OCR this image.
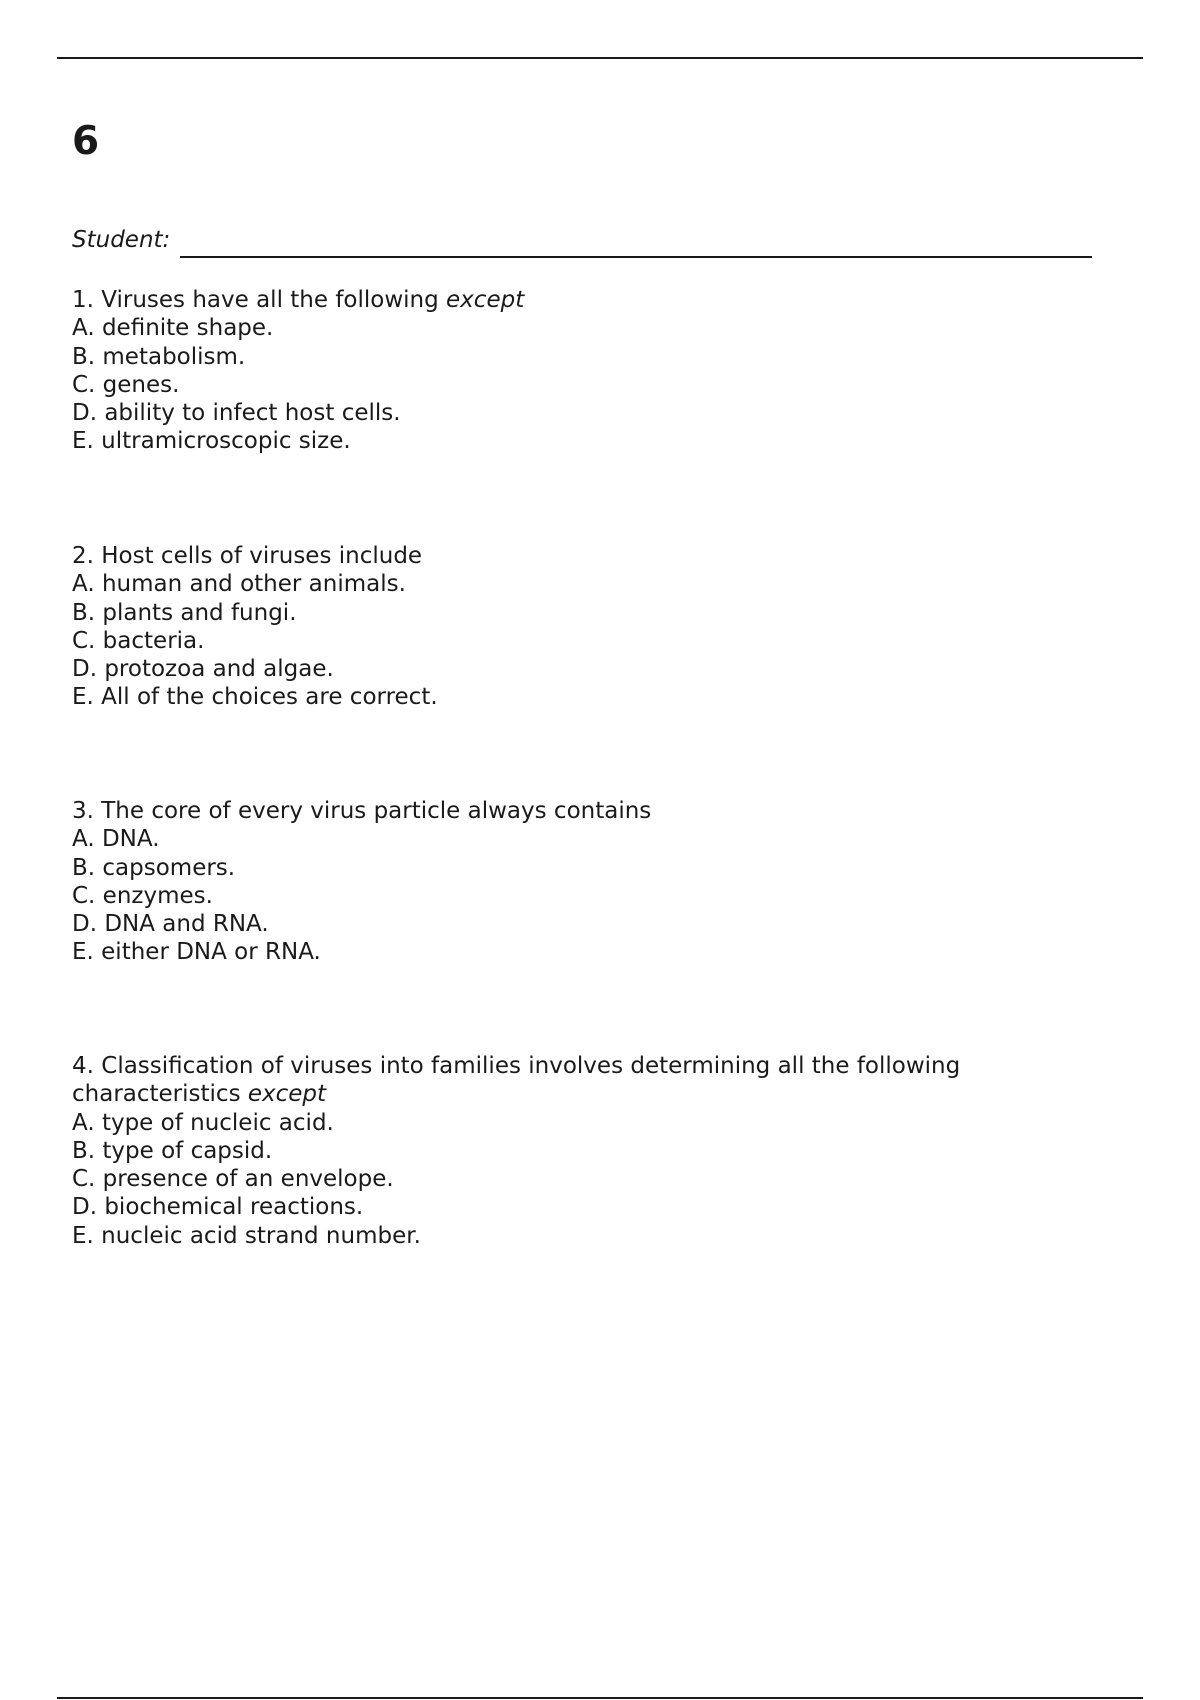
6
Student:

1. Viruses have all the following except

A. definite shape.

B. metabolism.

C. genes.

D. ability to infect host cells.

E. ultramicroscopic size.

2. Host cells of viruses include

A. human and other animals.

B. plants and fungi.

C. bacteria.

D. protozoa and algae.

E. All of the choices are correct.

3. The core of every virus particle always contains

A. DNA.

B. capsomers.

C. enzymes.

D. DNA and RNA.

E. either DNA or RNA.

4. Classification of viruses into families involves determining all the following characteristics except

A. type of nucleic acid.

B. type of capsid.

C. presence of an envelope.

D. biochemical reactions.

E. nucleic acid strand number.
